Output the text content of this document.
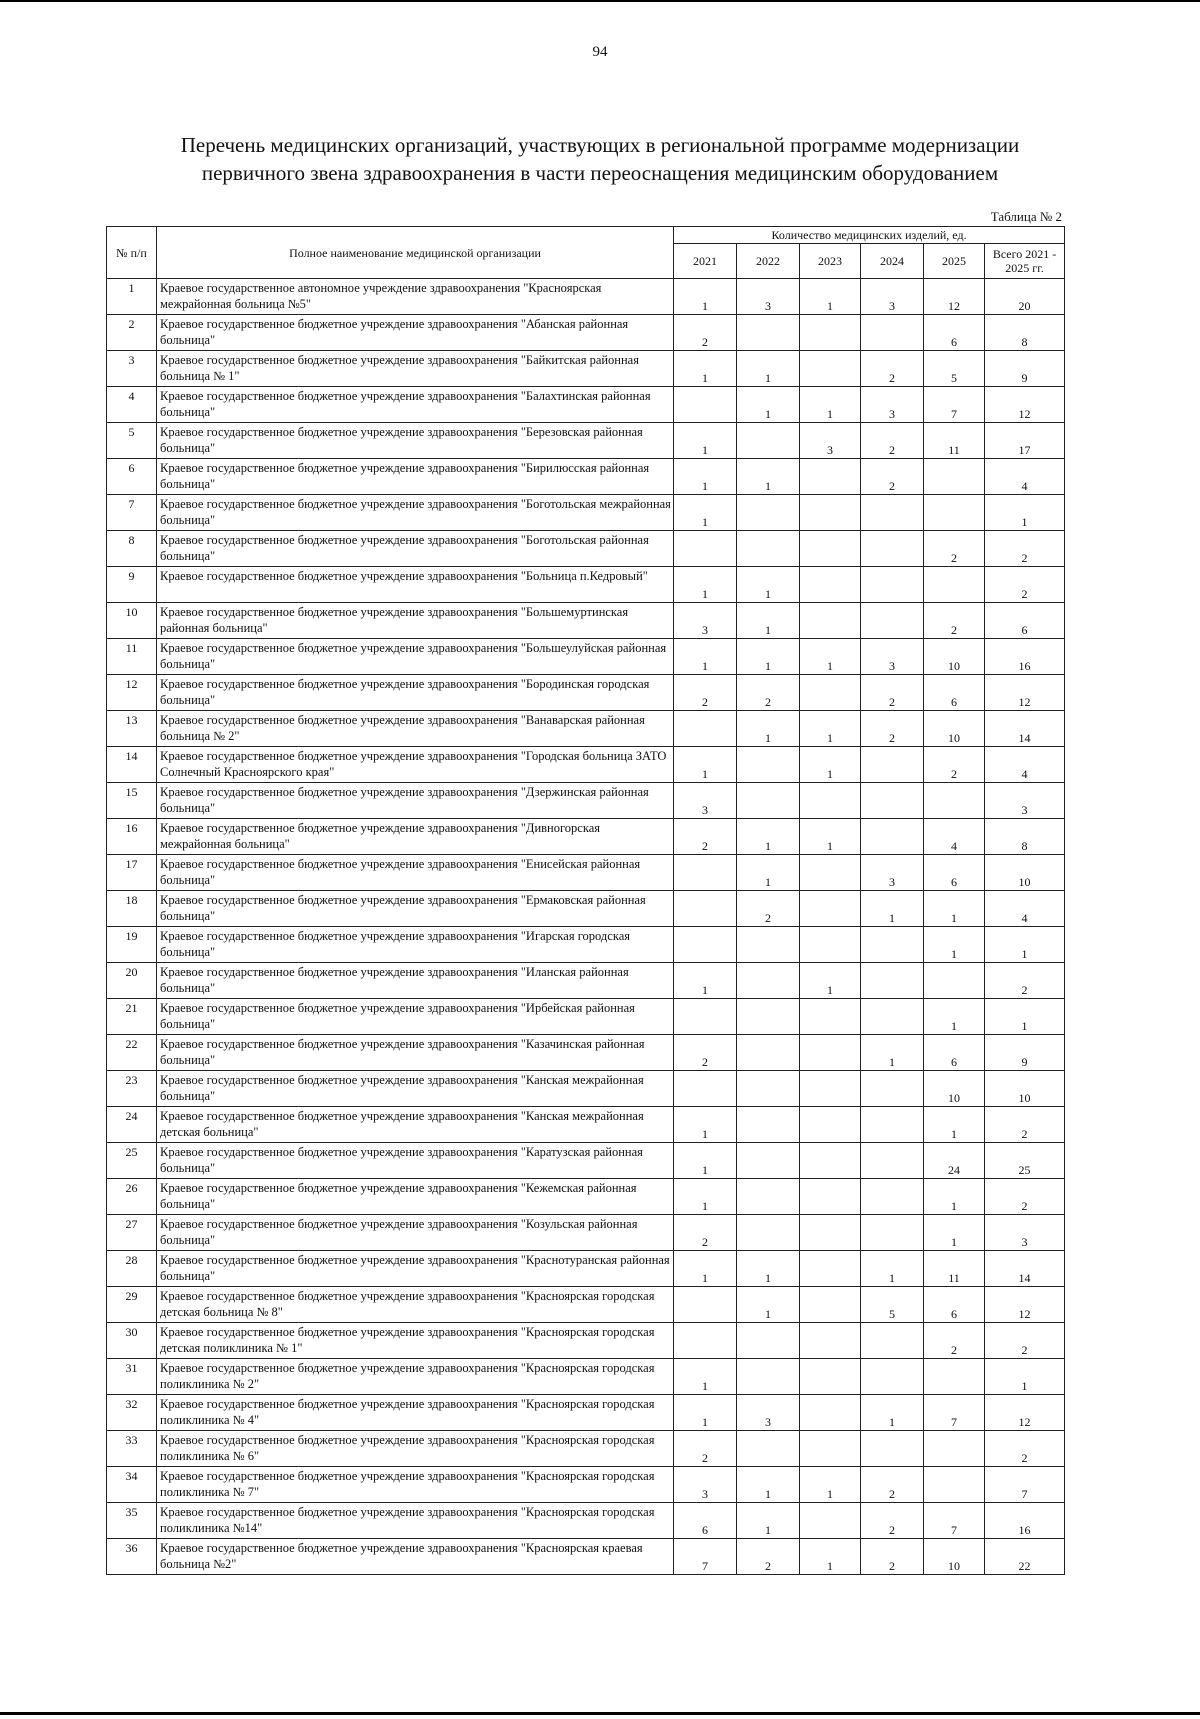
94
Перечень медицинских организаций, участвующих в региональной программе модернизации
первичного звена здравоохранения в части переоснащения медицинским оборудованием
Таблица № 2
№ п/п	Полное наименование медицинской организации	Количество медицинских изделий, ед.					
		2021	2022	2023	2024	2025	Всего 2021 - 2025 гг.
1	Краевое государственное автономное учреждение здравоохранения "Красноярская межрайонная больница №5"	1	3	1	3	12	20
2	Краевое государственное бюджетное учреждение здравоохранения "Абанская районная больница"	2				6	8
3	Краевое государственное бюджетное учреждение здравоохранения "Байкитская районная больница № 1"	1	1		2	5	9
4	Краевое государственное бюджетное учреждение здравоохранения "Балахтинская районная больница"		1	1	3	7	12
5	Краевое государственное бюджетное учреждение здравоохранения "Березовская районная больница"	1		3	2	11	17
6	Краевое государственное бюджетное учреждение здравоохранения "Бирилюсская районная больница"	1	1		2		4
7	Краевое государственное бюджетное учреждение здравоохранения "Боготольская межрайонная больница"	1					1
8	Краевое государственное бюджетное учреждение здравоохранения "Боготольская районная больница"					2	2
9	Краевое государственное бюджетное учреждение здравоохранения "Больница п.Кедровый"	1	1				2
10	Краевое государственное бюджетное учреждение здравоохранения "Большемуртинская районная больница"	3	1			2	6
11	Краевое государственное бюджетное учреждение здравоохранения "Большеулуйская районная больница"	1	1	1	3	10	16
12	Краевое государственное бюджетное учреждение здравоохранения "Бородинская городская больница"	2	2		2	6	12
13	Краевое государственное бюджетное учреждение здравоохранения "Ванаварская районная больница № 2"		1	1	2	10	14
14	Краевое государственное бюджетное учреждение здравоохранения "Городская больница ЗАТО Солнечный Красноярского края"	1		1		2	4
15	Краевое государственное бюджетное учреждение здравоохранения "Дзержинская районная больница"	3					3
16	Краевое государственное бюджетное учреждение здравоохранения "Дивногорская межрайонная больница"	2	1	1		4	8
17	Краевое государственное бюджетное учреждение здравоохранения "Енисейская районная больница"		1		3	6	10
18	Краевое государственное бюджетное учреждение здравоохранения "Ермаковская районная больница"		2		1	1	4
19	Краевое государственное бюджетное учреждение здравоохранения "Игарская городская больница"					1	1
20	Краевое государственное бюджетное учреждение здравоохранения "Иланская районная больница"	1		1			2
21	Краевое государственное бюджетное учреждение здравоохранения "Ирбейская районная больница"					1	1
22	Краевое государственное бюджетное учреждение здравоохранения "Казачинская районная больница"	2			1	6	9
23	Краевое государственное бюджетное учреждение здравоохранения "Канская межрайонная больница"					10	10
24	Краевое государственное бюджетное учреждение здравоохранения "Канская межрайонная детская больница"	1				1	2
25	Краевое государственное бюджетное учреждение здравоохранения "Каратузская районная больница"	1				24	25
26	Краевое государственное бюджетное учреждение здравоохранения "Кежемская районная больница"	1				1	2
27	Краевое государственное бюджетное учреждение здравоохранения "Козульская районная больница"	2				1	3
28	Краевое государственное бюджетное учреждение здравоохранения "Краснотуранская районная больница"	1	1		1	11	14
29	Краевое государственное бюджетное учреждение здравоохранения "Красноярская городская детская больница № 8"		1		5	6	12
30	Краевое государственное бюджетное учреждение здравоохранения "Красноярская городская детская поликлиника № 1"					2	2
31	Краевое государственное бюджетное учреждение здравоохранения "Красноярская городская поликлиника № 2"	1					1
32	Краевое государственное бюджетное учреждение здравоохранения "Красноярская городская поликлиника № 4"	1	3		1	7	12
33	Краевое государственное бюджетное учреждение здравоохранения "Красноярская городская поликлиника № 6"	2					2
34	Краевое государственное бюджетное учреждение здравоохранения "Красноярская городская поликлиника № 7"	3	1	1	2		7
35	Краевое государственное бюджетное учреждение здравоохранения "Красноярская городская поликлиника №14"	6	1		2	7	16
36	Краевое государственное бюджетное учреждение здравоохранения "Красноярская краевая больница №2"	7	2	1	2	10	22
